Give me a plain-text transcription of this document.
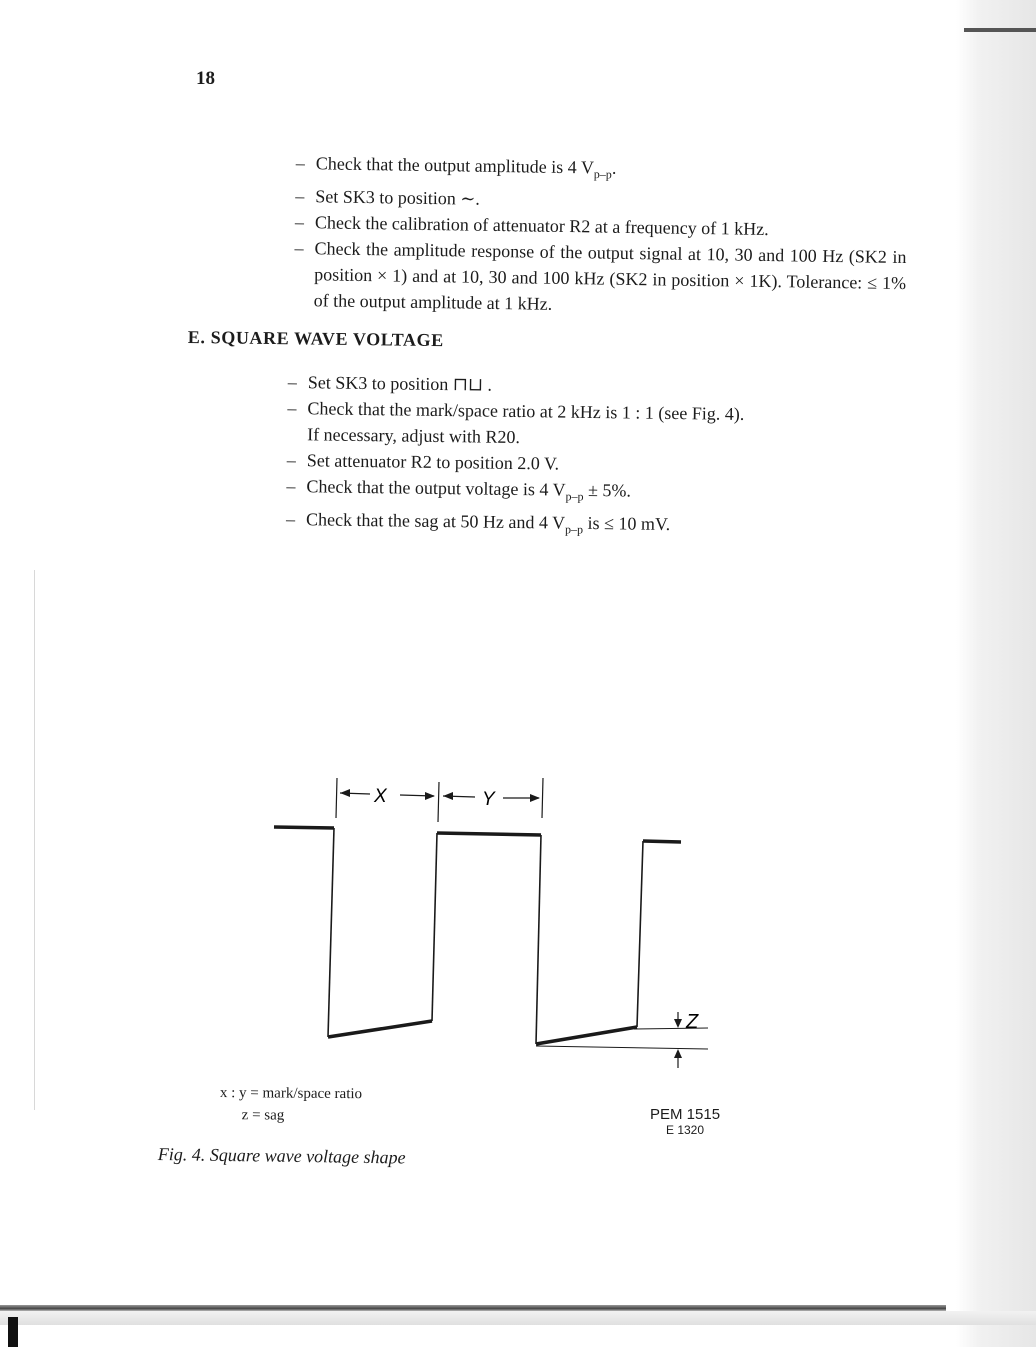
18
– Check that the output amplitude is 4 $V_{p-p}$.
– Set SK3 to position ∼.
– Check the calibration of attenuator R2 at a frequency of 1 kHz.
– Check the amplitude response of the output signal at 10, 30 and 100 Hz (SK2 in position × 1) and at 10, 30 and 100 kHz (SK2 in position × 1K). Tolerance: ≤ 1% of the output amplitude at 1 kHz.
E. SQUARE WAVE VOLTAGE
– Set SK3 to position ⊓⊔ .
– Check that the mark/space ratio at 2 kHz is 1 : 1 (see Fig. 4).
If necessary, adjust with R20.
– Set attenuator R2 to position 2.0 V.
– Check that the output voltage is 4 $V_{p-p} \pm 5\%$.
– Check that the sag at 50 Hz and 4 $V_{p-p}$ is ≤ 10 mV.
X	Y
Z
x : y = mark/space ratio
z = sag	PEM 1515
E 1320
Fig. 4. Square wave voltage shape
